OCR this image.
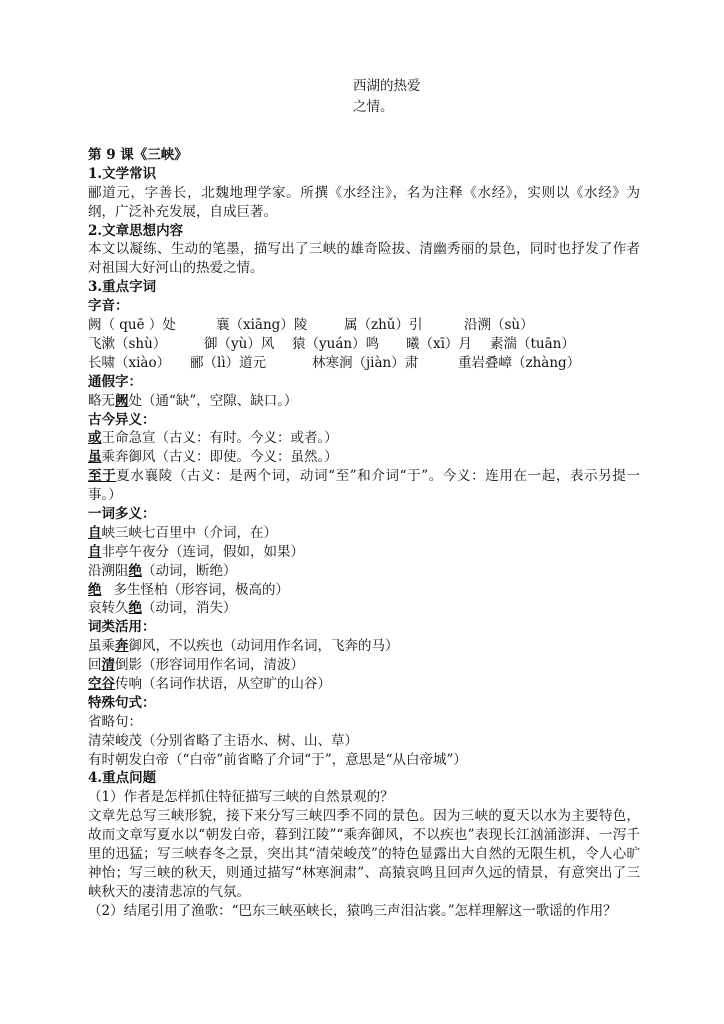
西湖的热爱
之情。
第 9 课《三峡》
1.文学常识
郦道元，字善长，北魏地理学家。所撰《水经注》，名为注释《水经》，实则以《水经》为纲，广泛补充发展，自成巨著。
2.文章思想内容
本文以凝练、生动的笔墨，描写出了三峡的雄奇险拔、清幽秀丽的景色，同时也抒发了作者对祖国大好河山的热爱之情。
3.重点字词
字音：
阙（ quē ）处	襄（xiāng）陵	属（zhǔ）引	沿溯（sù）
飞漱（shù）	御（yù）风 猿（yuán）鸣 曦（xī）月 素湍（tuān）
长啸（xiào） 郦（lì）道元	林寒涧（jiàn）肃	重岩叠嶂（zhàng）
通假字：
略无阙处（通“缺”，空隙、缺口。）
古今异义：
或王命急宣（古义：有时。今义：或者。）
虽乘奔御风（古义：即使。今义：虽然。）
至于夏水襄陵（古义：是两个词，动词“至”和介词“于”。今义：连用在一起，表示另提一事。）
一词多义：
自峡三峡七百里中（介词，在）
自非亭午夜分（连词，假如，如果）
沿溯阻绝（动词，断绝）
绝 多生怪柏（形容词，极高的）
哀转久绝（动词，消失）
词类活用：
虽乘奔御风，不以疾也（动词用作名词，飞奔的马）
回清倒影（形容词用作名词，清波）
空谷传响（名词作状语，从空旷的山谷）
特殊句式：
省略句：
清荣峻茂（分别省略了主语水、树、山、草）
有时朝发白帝（“白帝”前省略了介词“于”，意思是“从白帝城”）
4.重点问题
（1）作者是怎样抓住特征描写三峡的自然景观的？
文章先总写三峡形貌，接下来分写三峡四季不同的景色。因为三峡的夏天以水为主要特色，故而文章写夏水以“朝发白帝，暮到江陵”“乘奔御风，不以疾也”表现长江汹涌澎湃、一泻千里的迅猛；写三峡春冬之景，突出其“清荣峻茂”的特色显露出大自然的无限生机，令人心旷神怡；写三峡的秋天，则通过描写“林寒涧肃”、高猿哀鸣且回声久远的情景，有意突出了三峡秋天的凄清悲凉的气氛。
（2）结尾引用了渔歌：“巴东三峡巫峡长，猿鸣三声泪沾裳。”怎样理解这一歌谣的作用？
